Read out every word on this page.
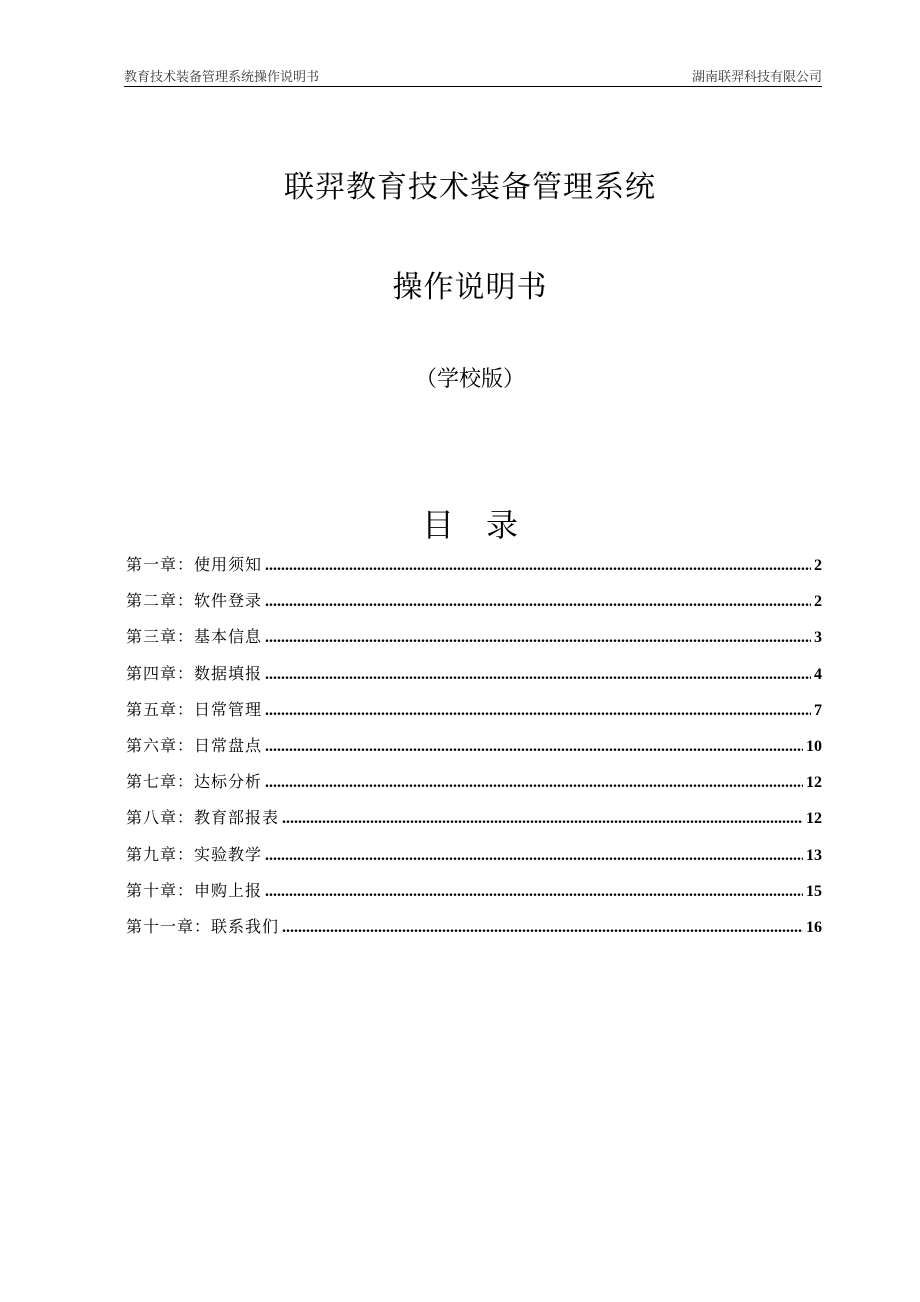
教育技术装备管理系统操作说明书	湖南联羿科技有限公司
联羿教育技术装备管理系统
操作说明书
（学校版）
目录
第一章：使用须知 .....	2
第二章：软件登录 .....	2
第三章：基本信息 .....	3
第四章：数据填报 .....	4
第五章：日常管理 .....	7
第六章：日常盘点 .....	10
第七章：达标分析 .....	12
第八章：教育部报表 .....	12
第九章：实验教学 .....	13
第十章：申购上报 .....	15
第十一章：联系我们 .....	16
